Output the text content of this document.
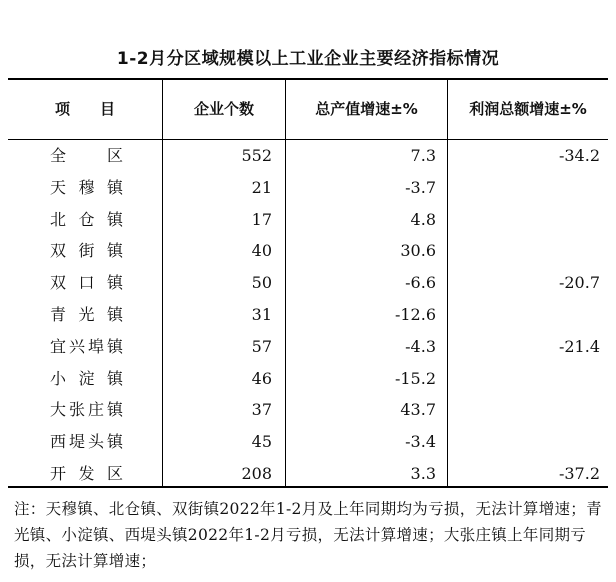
1-2月分区域规模以上工业企业主要经济指标情况
项　　目	企业个数	总产值增速±%	利润总额增速±%
全区	552	7.3	-34.2
天穆镇	21	-3.7
北仓镇	17	4.8
双街镇	40	30.6
双口镇	50	-6.6	-20.7
青光镇	31	-12.6
宜兴埠镇	57	-4.3	-21.4
小淀镇	46	-15.2
大张庄镇	37	43.7
西堤头镇	45	-3.4
开发区	208	3.3	-37.2
注：天穆镇、北仓镇、双街镇2022年1-2月及上年同期均为亏损，无法计算增速；青光镇、小淀镇、西堤头镇2022年1-2月亏损，无法计算增速；大张庄镇上年同期亏损，无法计算增速；
